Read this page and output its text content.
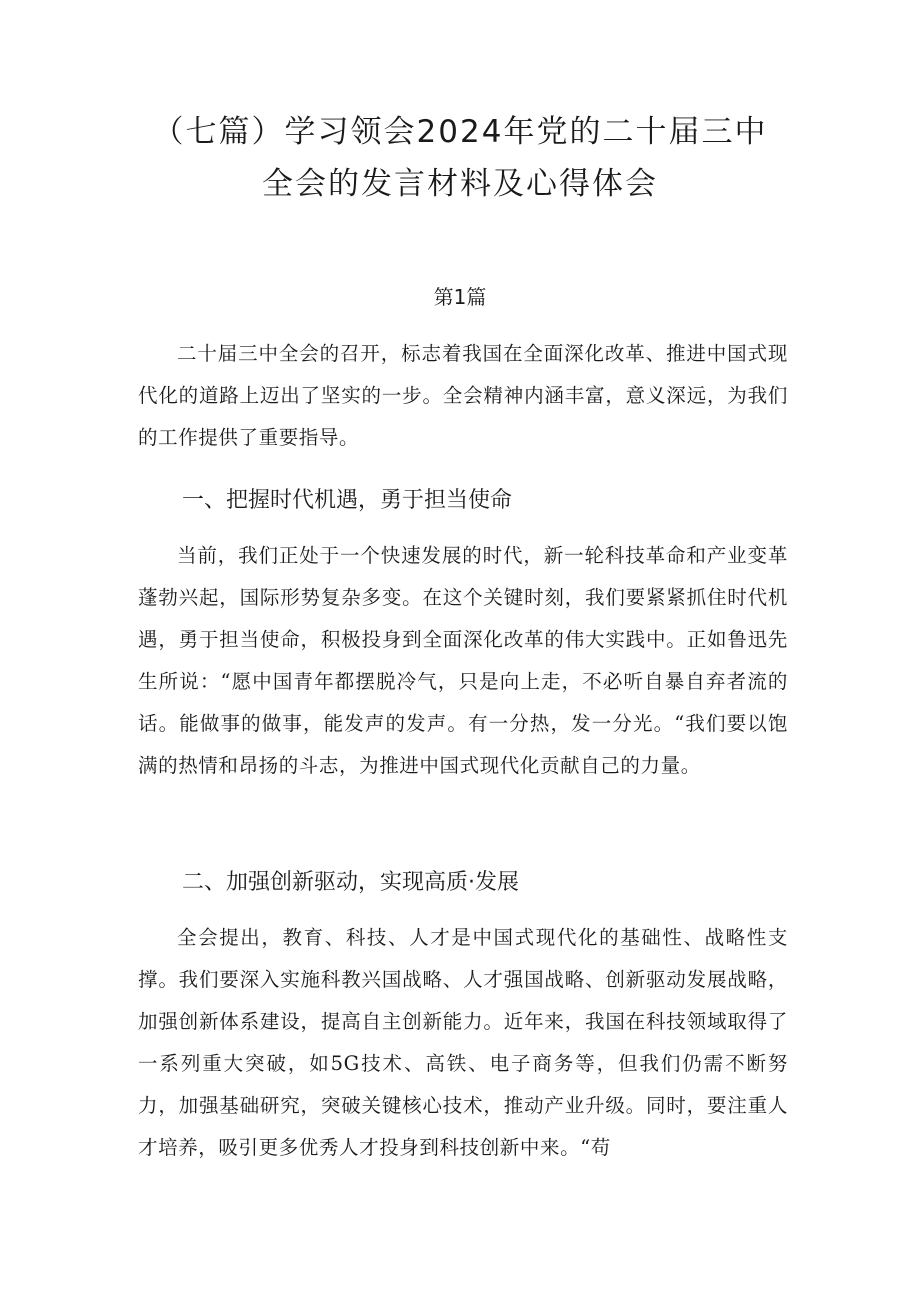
（七篇）学习领会2024年党的二十届三中
全会的发言材料及心得体会
第1篇

二十届三中全会的召开，标志着我国在全面深化改革、推进中国式现代化的道路上迈出了坚实的一步。全会精神内涵丰富，意义深远，为我们的工作提供了重要指导。

一、把握时代机遇，勇于担当使命

当前，我们正处于一个快速发展的时代，新一轮科技革命和产业变革蓬勃兴起，国际形势复杂多变。在这个关键时刻，我们要紧紧抓住时代机遇，勇于担当使命，积极投身到全面深化改革的伟大实践中。正如鲁迅先生所说：“愿中国青年都摆脱冷气，只是向上走，不必听自暴自弃者流的话。能做事的做事，能发声的发声。有一分热，发一分光。“我们要以饱满的热情和昂扬的斗志，为推进中国式现代化贡献自己的力量。

二、加强创新驱动，实现高质·发展

全会提出，教育、科技、人才是中国式现代化的基础性、战略性支撑。我们要深入实施科教兴国战略、人才强国战略、创新驱动发展战略，加强创新体系建设，提高自主创新能力。近年来，我国在科技领域取得了一系列重大突破，如5G技术、高铁、电子商务等，但我们仍需不断努力，加强基础研究，突破关键核心技术，推动产业升级。同时，要注重人才培养，吸引更多优秀人才投身到科技创新中来。“苟
